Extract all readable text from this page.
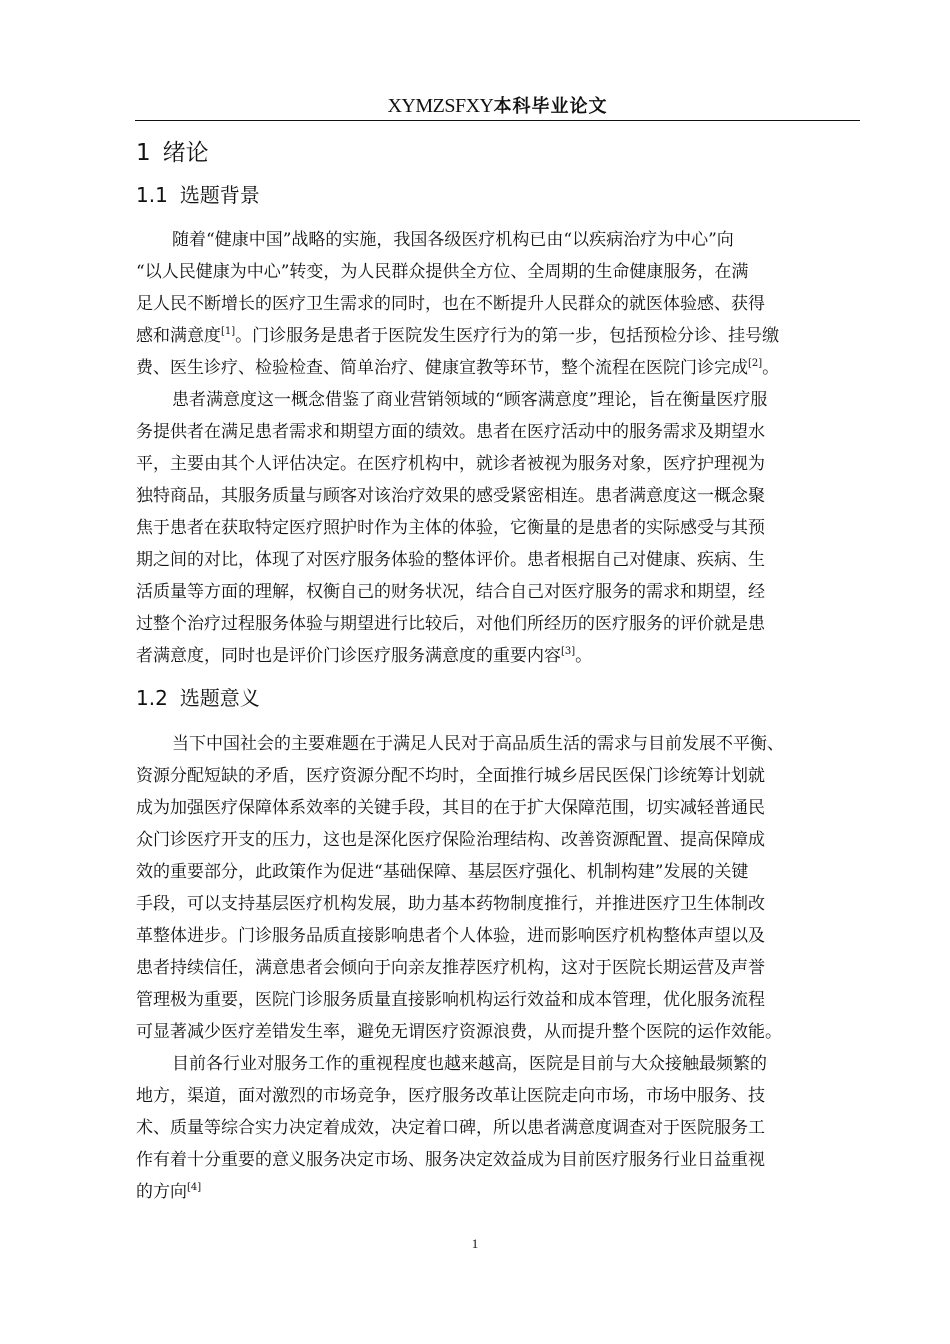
XYMZSFXY本科毕业论文
1 绪论
1.1 选题背景
随着“健康中国”战略的实施，我国各级医疗机构已由“以疾病治疗为中心”向
“以人民健康为中心”转变，为人民群众提供全方位、全周期的生命健康服务，在满
足人民不断增长的医疗卫生需求的同时，也在不断提升人民群众的就医体验感、获得
感和满意度[1]。门诊服务是患者于医院发生医疗行为的第一步，包括预检分诊、挂号缴
费、医生诊疗、检验检查、简单治疗、健康宣教等环节，整个流程在医院门诊完成[2]。
患者满意度这一概念借鉴了商业营销领域的“顾客满意度”理论，旨在衡量医疗服
务提供者在满足患者需求和期望方面的绩效。患者在医疗活动中的服务需求及期望水
平，主要由其个人评估决定。在医疗机构中，就诊者被视为服务对象，医疗护理视为
独特商品，其服务质量与顾客对该治疗效果的感受紧密相连。患者满意度这一概念聚
焦于患者在获取特定医疗照护时作为主体的体验，它衡量的是患者的实际感受与其预
期之间的对比，体现了对医疗服务体验的整体评价。患者根据自己对健康、疾病、生
活质量等方面的理解，权衡自己的财务状况，结合自己对医疗服务的需求和期望，经
过整个治疗过程服务体验与期望进行比较后，对他们所经历的医疗服务的评价就是患
者满意度，同时也是评价门诊医疗服务满意度的重要内容[3]。
1.2 选题意义
当下中国社会的主要难题在于满足人民对于高品质生活的需求与目前发展不平衡、
资源分配短缺的矛盾，医疗资源分配不均时，全面推行城乡居民医保门诊统筹计划就
成为加强医疗保障体系效率的关键手段，其目的在于扩大保障范围，切实减轻普通民
众门诊医疗开支的压力，这也是深化医疗保险治理结构、改善资源配置、提高保障成
效的重要部分，此政策作为促进“基础保障、基层医疗强化、机制构建”发展的关键
手段，可以支持基层医疗机构发展，助力基本药物制度推行，并推进医疗卫生体制改
革整体进步。门诊服务品质直接影响患者个人体验，进而影响医疗机构整体声望以及
患者持续信任，满意患者会倾向于向亲友推荐医疗机构，这对于医院长期运营及声誉
管理极为重要，医院门诊服务质量直接影响机构运行效益和成本管理，优化服务流程
可显著减少医疗差错发生率，避免无谓医疗资源浪费，从而提升整个医院的运作效能。
目前各行业对服务工作的重视程度也越来越高，医院是目前与大众接触最频繁的
地方，渠道，面对激烈的市场竞争，医疗服务改革让医院走向市场，市场中服务、技
术、质量等综合实力决定着成效，决定着口碑，所以患者满意度调查对于医院服务工
作有着十分重要的意义服务决定市场、服务决定效益成为目前医疗服务行业日益重视
的方向[4]
1
